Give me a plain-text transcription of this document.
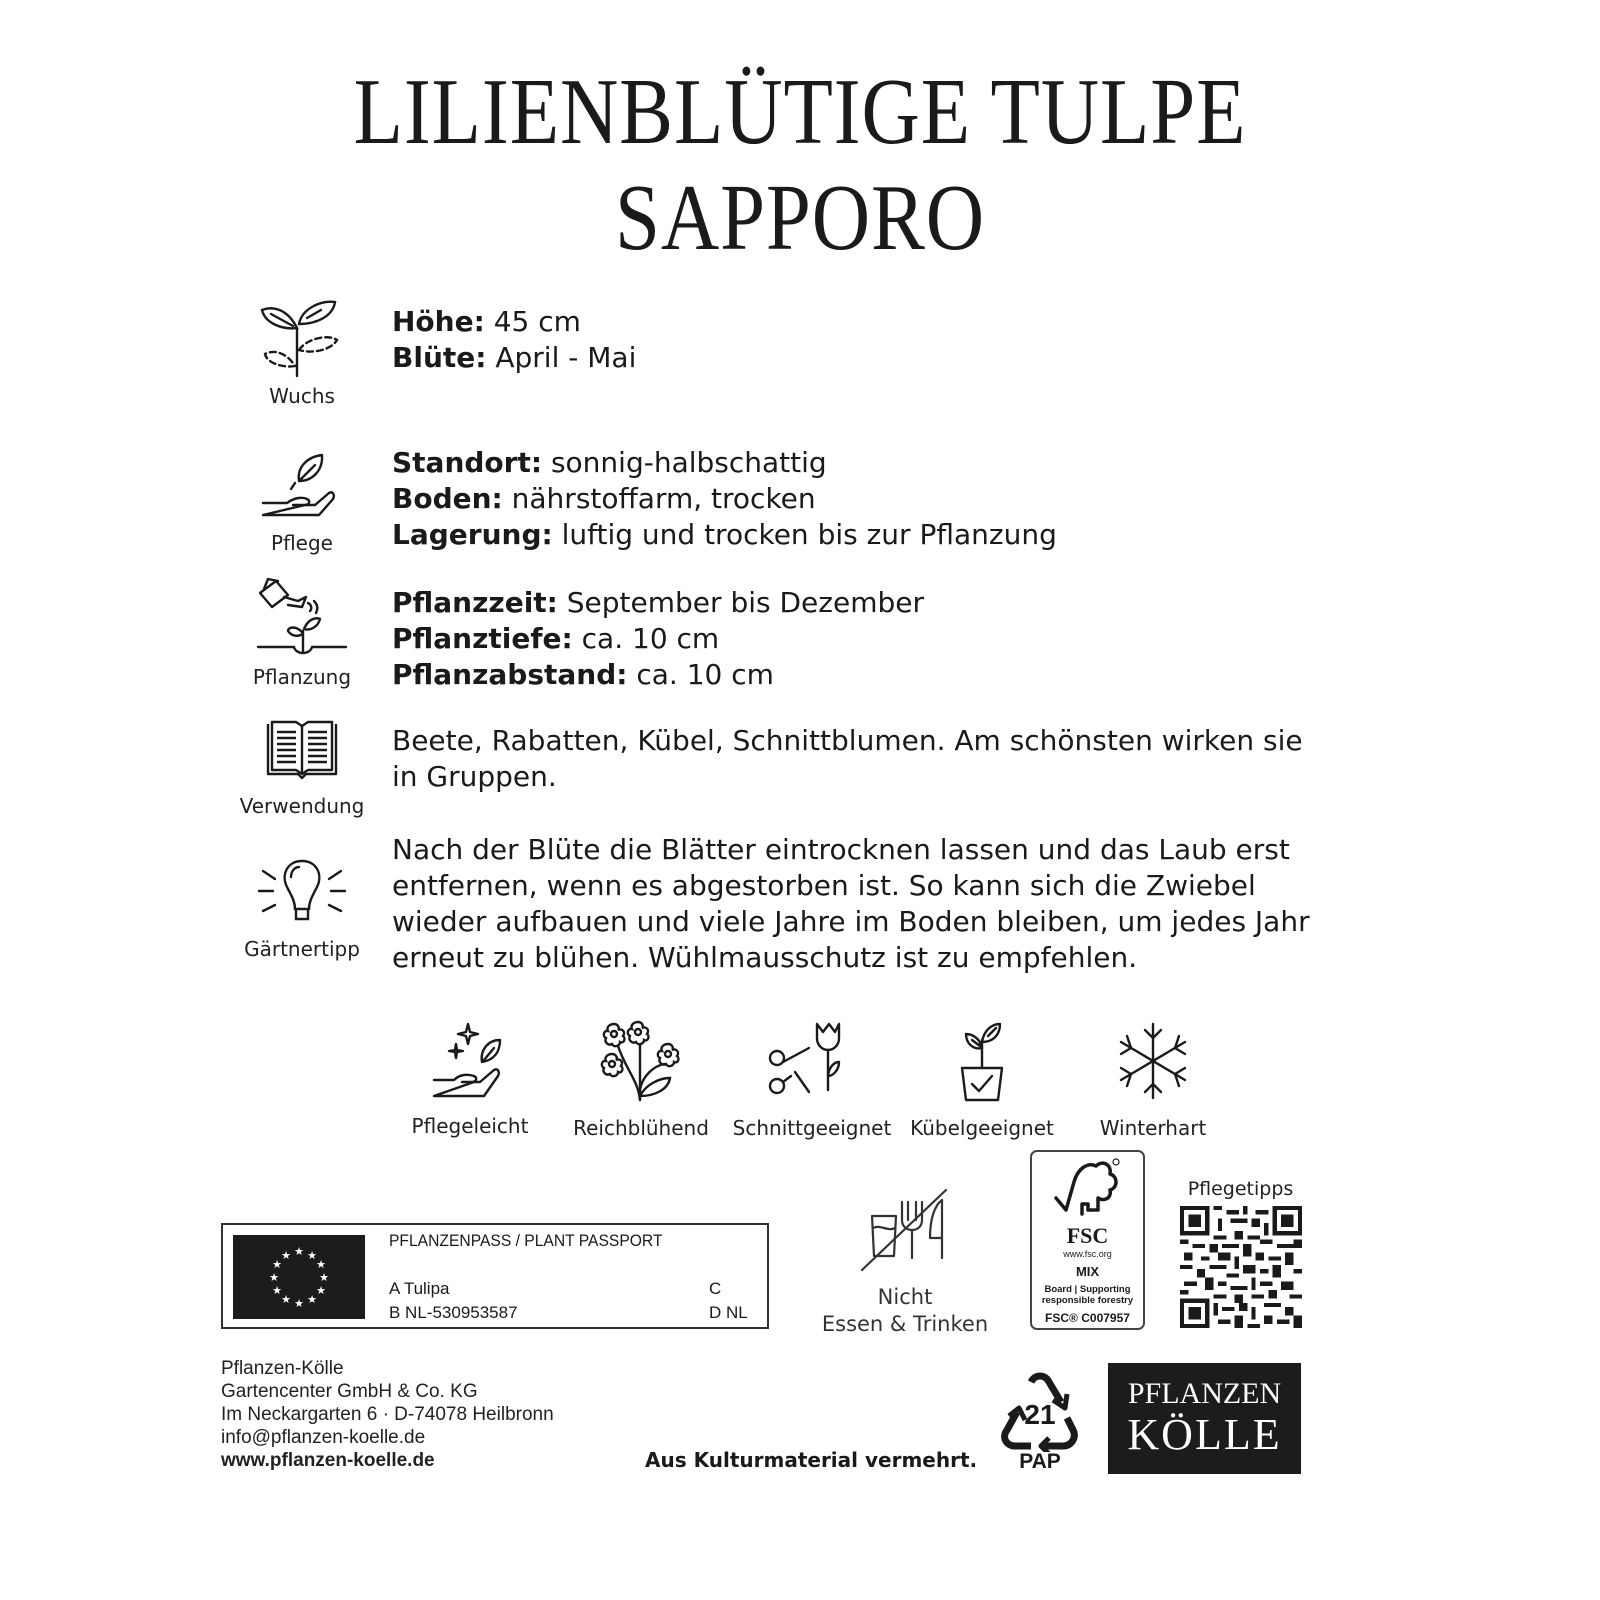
LILIENBLÜTIGE TULPE
SAPPORO
Wuchs
Höhe: 45 cm
Blüte: April - Mai
Pflege
Standort: sonnig-halbschattig
Boden: nährstoffarm, trocken
Lagerung: luftig und trocken bis zur Pflanzung
Pflanzung
Pflanzzeit: September bis Dezember
Pflanztiefe: ca. 10 cm
Pflanzabstand: ca. 10 cm
Verwendung
Beete, Rabatten, Kübel, Schnittblumen. Am schönsten wirken sie in Gruppen.
Gärtnertipp
Nach der Blüte die Blätter eintrocknen lassen und das Laub erst entfernen, wenn es abgestorben ist. So kann sich die Zwiebel wieder aufbauen und viele Jahre im Boden bleiben, um jedes Jahr erneut zu blühen. Wühlmausschutz ist zu empfehlen.
Pflegeleicht	Reichblühend	Schnittgeeignet Kübelgeeignet	Winterhart
★ ★
★
★
★
★
★
★
★
★
★
★
PFLANZENPASS / PLANT PASSPORT
A Tulipa
B NL-530953587
C
D NL
Nicht
Essen & Trinken
FSC
www.fsc.org
MIX
Board | Supporting
responsible forestry
FSC® C007957
Pflegetipps
Pflanzen-Kölle
Gartencenter GmbH & Co. KG
Im Neckargarten 6 · D-74078 Heilbronn
info@pflanzen-koelle.de
www.pflanzen-koelle.de	Aus Kulturmaterial vermehrt.
21
PAP
PFLANZEN
KÖLLE
